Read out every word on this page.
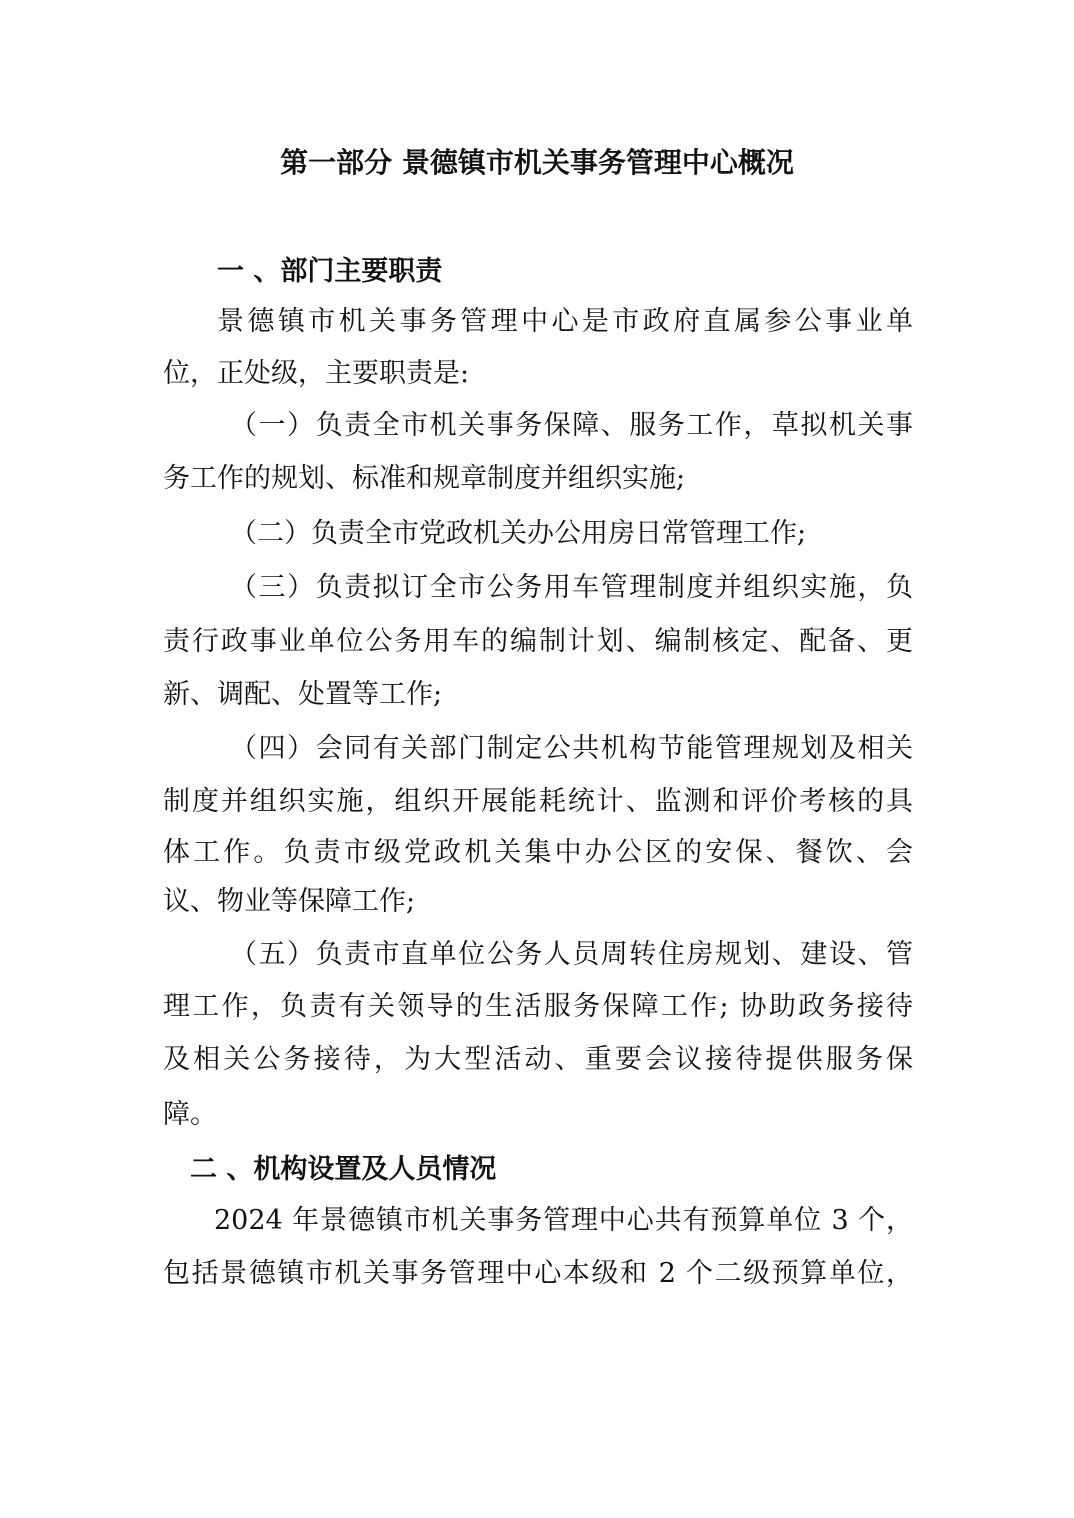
第一部分 景德镇市机关事务管理中心概况
一 、部门主要职责
景德镇市机关事务管理中心是市政府直属参公事业单
位，正处级，主要职责是:
（一）负责全市机关事务保障、服务工作，草拟机关事
务工作的规划、标准和规章制度并组织实施;
（二）负责全市党政机关办公用房日常管理工作;
（三）负责拟订全市公务用车管理制度并组织实施，负
责行政事业单位公务用车的编制计划、编制核定、配备、更
新、调配、处置等工作;
（四）会同有关部门制定公共机构节能管理规划及相关
制度并组织实施，组织开展能耗统计、监测和评价考核的具
体工作。负责市级党政机关集中办公区的安保、餐饮、会
议、物业等保障工作;
（五）负责市直单位公务人员周转住房规划、建设、管
理工作，负责有关领导的生活服务保障工作; 协助政务接待
及相关公务接待，为大型活动、重要会议接待提供服务保
障。
二 、机构设置及人员情况
2024 年景德镇市机关事务管理中心共有预算单位 3 个，
包括景德镇市机关事务管理中心本级和 2 个二级预算单位，
